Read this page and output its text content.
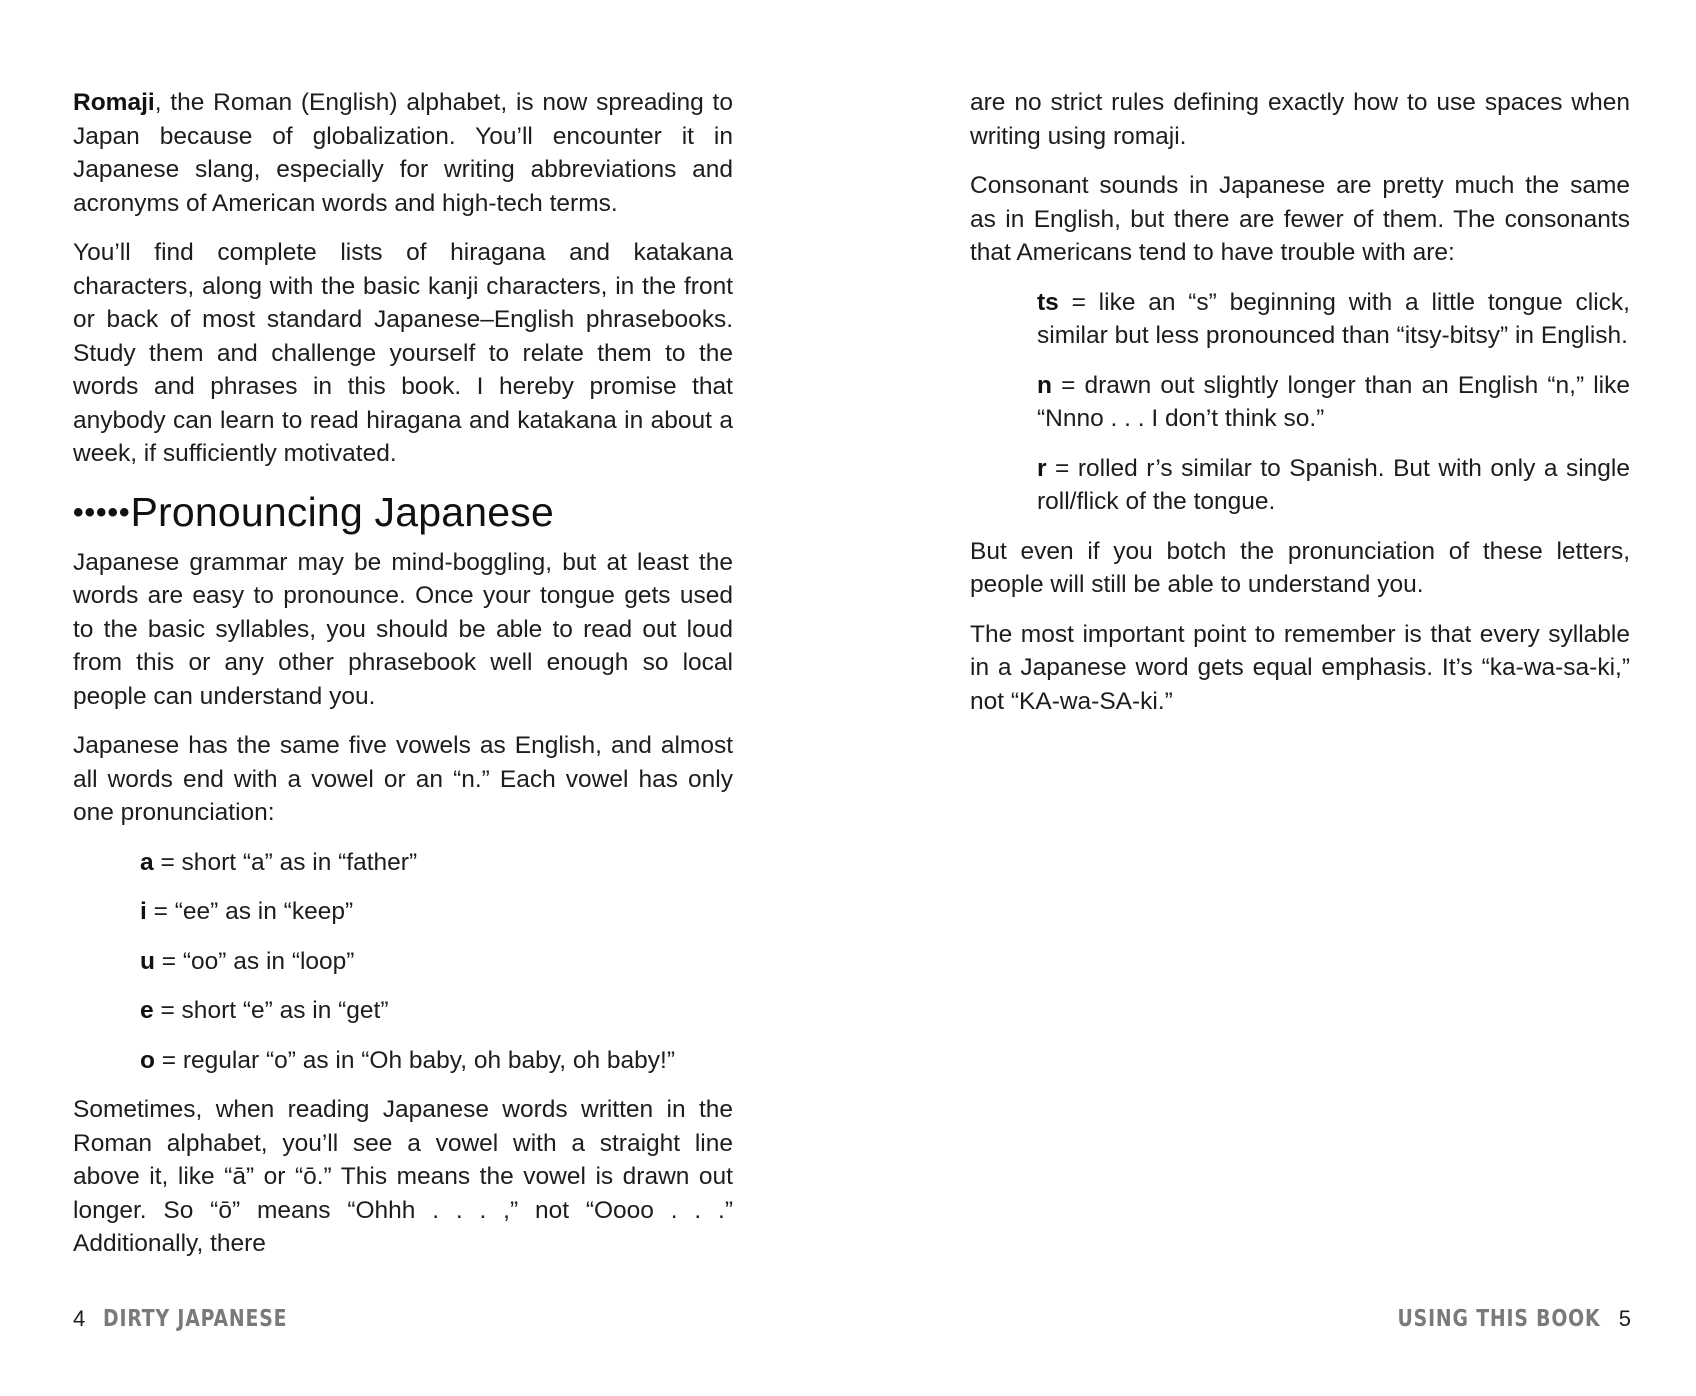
Romaji, the Roman (English) alphabet, is now spreading to Japan because of globalization. You’ll encounter it in Japanese slang, especially for writing abbreviations and acronyms of American words and high-tech terms.

You’ll find complete lists of hiragana and katakana characters, along with the basic kanji characters, in the front or back of most standard Japanese–English phrasebooks. Study them and challenge yourself to relate them to the words and phrases in this book. I hereby promise that anybody can learn to read hiragana and katakana in about a week, if sufficiently motivated.

•••••Pronouncing Japanese

Japanese grammar may be mind-boggling, but at least the words are easy to pronounce. Once your tongue gets used to the basic syllables, you should be able to read out loud from this or any other phrasebook well enough so local people can understand you.

Japanese has the same five vowels as English, and almost all words end with a vowel or an “n.” Each vowel has only one pronunciation:

a = short “a” as in “father”

i = “ee” as in “keep”

u = “oo” as in “loop”

e = short “e” as in “get”

o = regular “o” as in “Oh baby, oh baby, oh baby!”

Sometimes, when reading Japanese words written in the Roman alphabet, you’ll see a vowel with a straight line above it, like “ā” or “ō.” This means the vowel is drawn out longer. So “ō” means “Ohhh . . . ,” not “Oooo . . .” Additionally, there

are no strict rules defining exactly how to use spaces when writing using romaji.

Consonant sounds in Japanese are pretty much the same as in English, but there are fewer of them. The consonants that Americans tend to have trouble with are:

ts = like an “s” beginning with a little tongue click, similar but less pronounced than “itsy-bitsy” in English.

n = drawn out slightly longer than an English “n,” like “Nnno . . . I don’t think so.”

r = rolled r’s similar to Spanish. But with only a single roll/flick of the tongue.

But even if you botch the pronunciation of these letters, people will still be able to understand you.

The most important point to remember is that every syllable in a Japanese word gets equal emphasis. It’s “ka-wa-sa-ki,” not “KA-wa-SA-ki.”

4 DIRTY JAPANESE	USING THIS BOOK 5
